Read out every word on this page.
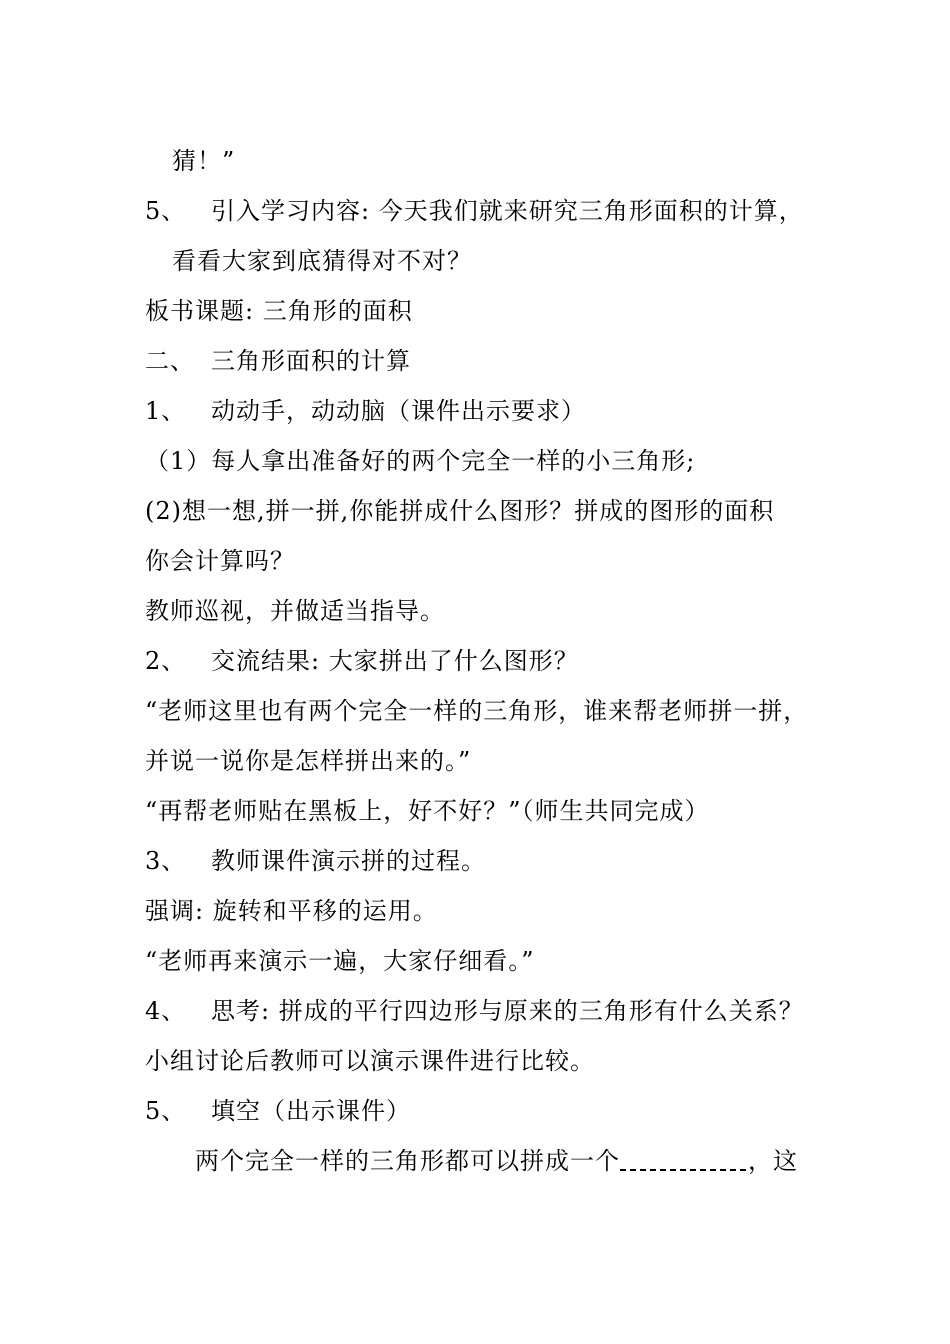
猜！”
5、 引入学习内容: 今天我们就来研究三角形面积的计算，
看看大家到底猜得对不对？
板书课题: 三角形的面积
二、 三角形面积的计算
1、 动动手，动动脑（课件出示要求）
（1）每人拿出准备好的两个完全一样的小三角形;
(2)想一想,拼一拼,你能拼成什么图形？拼成的图形的面积
你会计算吗？
教师巡视，并做适当指导。
2、 交流结果: 大家拼出了什么图形？
“老师这里也有两个完全一样的三角形，谁来帮老师拼一拼，
并说一说你是怎样拼出来的。”
“再帮老师贴在黑板上，好不好？”（师生共同完成）
3、 教师课件演示拼的过程。
强调: 旋转和平移的运用。
“老师再来演示一遍，大家仔细看。”
4、 思考: 拼成的平行四边形与原来的三角形有什么关系？
小组讨论后教师可以演示课件进行比较。
5、 填空（出示课件）
两个完全一样的三角形都可以拼成一个	，这
